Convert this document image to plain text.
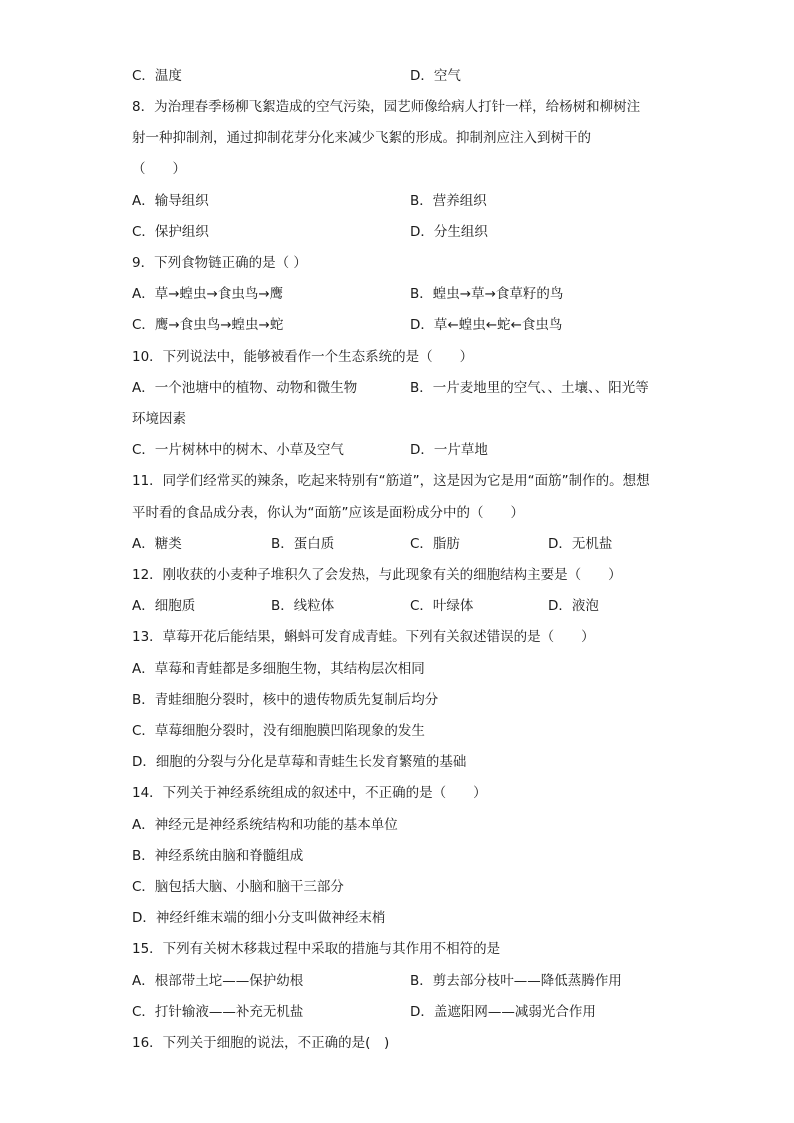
C．温度	D．空气
8．为治理春季杨柳飞絮造成的空气污染，园艺师像给病人打针一样，给杨树和柳树注
射一种抑制剂，通过抑制花芽分化来减少飞絮的形成。抑制剂应注入到树干的
（　　）
A．输导组织	B．营养组织
C．保护组织	D．分生组织
9．下列食物链正确的是（ ）
A．草→蝗虫→食虫鸟→鹰	B．蝗虫→草→食草籽的鸟
C．鹰→食虫鸟→蝗虫→蛇	D．草←蝗虫←蛇←食虫鸟
10．下列说法中，能够被看作一个生态系统的是（　　）
A．一个池塘中的植物、动物和微生物	B．一片麦地里的空气、、土壤、、阳光等
环境因素
C．一片树林中的树木、小草及空气	D．一片草地
11．同学们经常买的辣条，吃起来特别有“筋道”，这是因为它是用“面筋”制作的。想想
平时看的食品成分表，你认为“面筋”应该是面粉成分中的（　　）
A．糖类	B．蛋白质	C．脂肪	D．无机盐
12．刚收获的小麦种子堆积久了会发热，与此现象有关的细胞结构主要是（　　）
A．细胞质	B．线粒体	C．叶绿体	D．液泡
13．草莓开花后能结果，蝌蚪可发育成青蛙。下列有关叙述错误的是（　　）
A．草莓和青蛙都是多细胞生物，其结构层次相同
B．青蛙细胞分裂时，核中的遗传物质先复制后均分
C．草莓细胞分裂时，没有细胞膜凹陷现象的发生
D．细胞的分裂与分化是草莓和青蛙生长发育繁殖的基础
14．下列关于神经系统组成的叙述中，不正确的是（　　）
A．神经元是神经系统结构和功能的基本单位
B．神经系统由脑和脊髓组成
C．脑包括大脑、小脑和脑干三部分
D．神经纤维末端的细小分支叫做神经末梢
15．下列有关树木移栽过程中采取的措施与其作用不相符的是
A．根部带土坨——保护幼根	B．剪去部分枝叶——降低蒸腾作用
C．打针输液——补充无机盐	D．盖遮阳网——减弱光合作用
16．下列关于细胞的说法，不正确的是(　)
